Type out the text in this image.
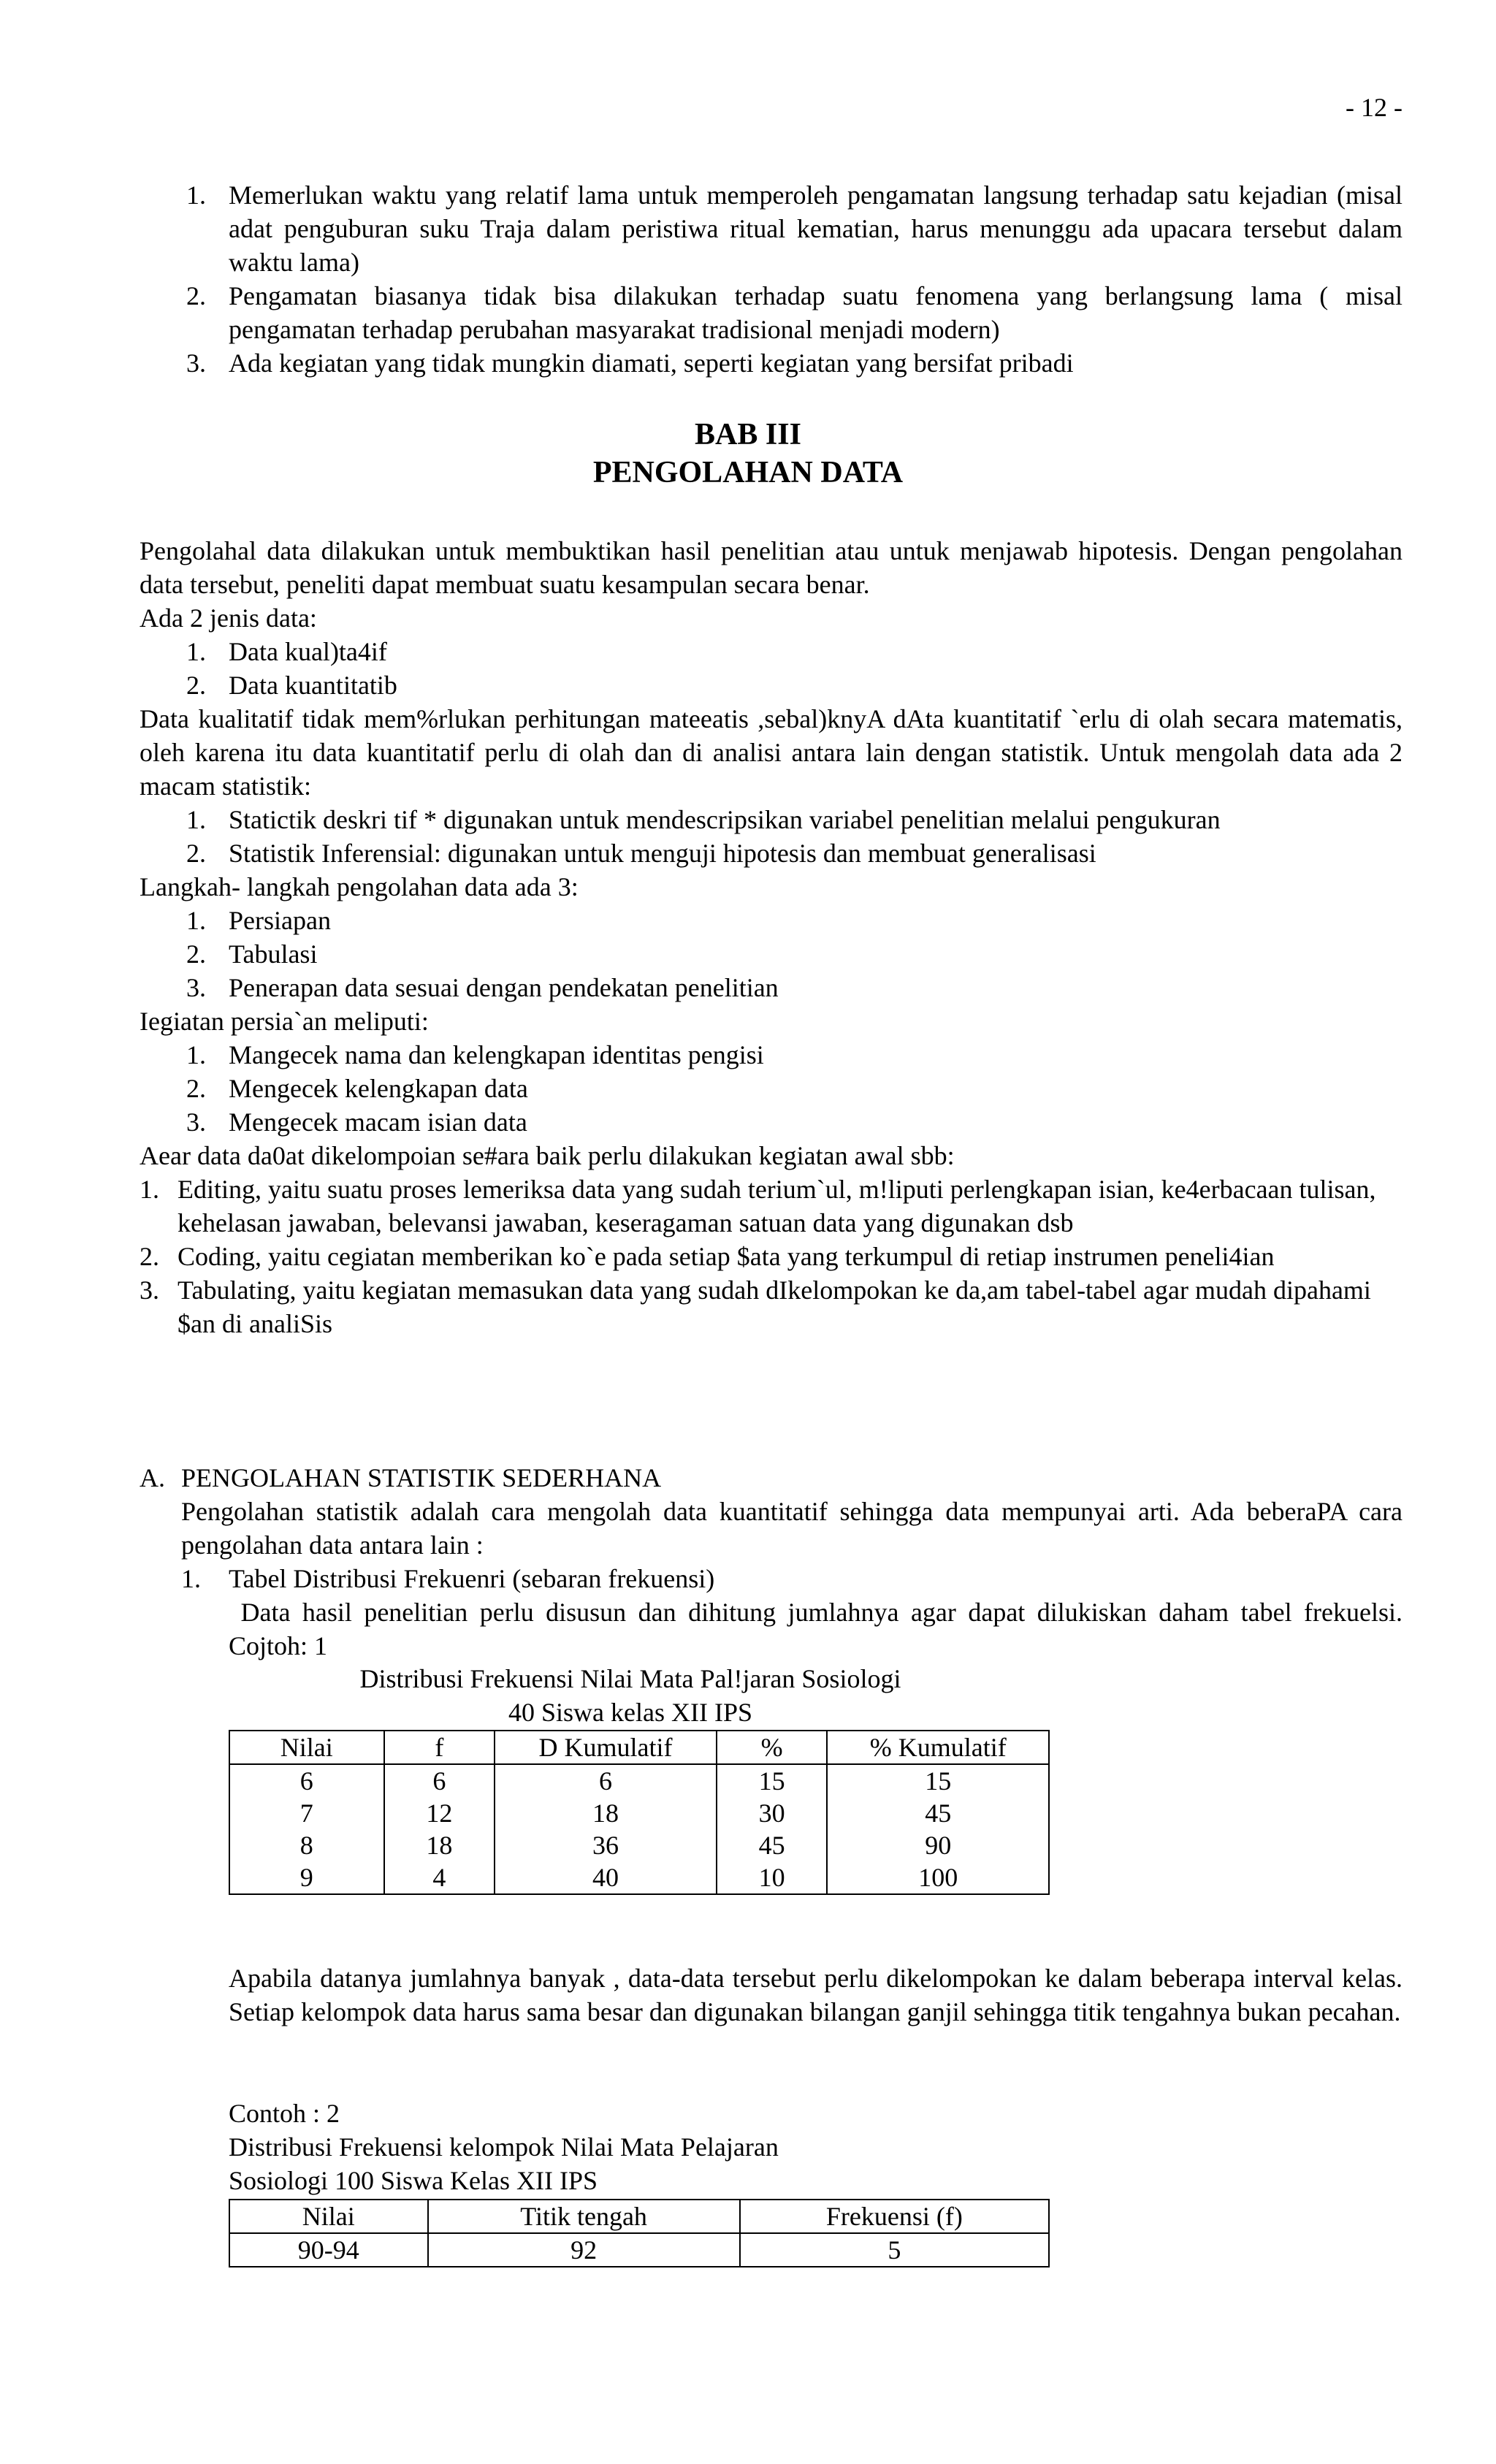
- 12 -
1. Memerlukan waktu yang relatif lama untuk memperoleh pengamatan langsung terhadap satu kejadian (misal adat penguburan suku Traja dalam peristiwa ritual kematian, harus menunggu ada upacara tersebut dalam waktu lama)
2. Pengamatan biasanya tidak bisa dilakukan terhadap suatu fenomena yang berlangsung lama ( misal pengamatan terhadap perubahan masyarakat tradisional menjadi modern)
3. Ada kegiatan yang tidak mungkin diamati, seperti kegiatan yang bersifat pribadi
BAB III
PENGOLAHAN DATA
Pengolahal data dilakukan untuk membuktikan hasil penelitian atau untuk menjawab hipotesis. Dengan pengolahan data tersebut, peneliti dapat membuat suatu kesampulan secara benar.
Ada 2 jenis data:
1. Data kual)ta4if
2. Data kuantitatib
Data kualitatif tidak mem%rlukan perhitungan mateeatis ,sebal)knyA dAta kuantitatif `erlu di olah secara matematis, oleh karena itu data kuantitatif perlu di olah dan di analisi antara lain dengan statistik. Untuk mengolah data ada 2 macam statistik:
1. Statictik deskri tif * digunakan untuk mendescripsikan variabel penelitian melalui pengukuran
2. Statistik Inferensial: digunakan untuk menguji hipotesis dan membuat generalisasi
Langkah- langkah pengolahan data ada 3:
1. Persiapan
2. Tabulasi
3. Penerapan data sesuai dengan pendekatan penelitian
Iegiatan persia`an meliputi:
1. Mangecek nama dan kelengkapan identitas pengisi
2. Mengecek kelengkapan data
3. Mengecek macam isian data
Aear data da0at dikelompoian se#ara baik perlu dilakukan kegiatan awal sbb:
1. Editing, yaitu suatu proses lemeriksa data yang sudah terium`ul, m!liputi perlengkapan isian, ke4erbacaan tulisan, kehelasan jawaban, belevansi jawaban, keseragaman satuan data yang digunakan dsb
2. Coding, yaitu cegiatan memberikan ko`e pada setiap $ata yang terkumpul di retiap instrumen peneli4ian
3. Tabulating, yaitu kegiatan memasukan data yang sudah dIkelompokan ke da,am tabel-tabel agar mudah dipahami $an di analiSis
A. PENGOLAHAN STATISTIK SEDERHANA
Pengolahan statistik adalah cara mengolah data kuantitatif sehingga data mempunyai arti. Ada beberaPA cara pengolahan data antara lain :
1. Tabel Distribusi Frekuenri (sebaran frekuensi)
Data hasil penelitian perlu disusun dan dihitung jumlahnya agar dapat dilukiskan daham tabel frekuelsi. Cojtoh: 1
Distribusi Frekuensi Nilai Mata Pal!jaran Sosiologi
40 Siswa kelas XII IPS
Nilai	f	D Kumulatif	%	% Kumulatif
6	6	6	15	15
7	12	18	30	45
8	18	36	45	90
9	4	40	10	100
Apabila datanya jumlahnya banyak , data-data tersebut perlu dikelompokan ke dalam beberapa interval kelas. Setiap kelompok data harus sama besar dan digunakan bilangan ganjil sehingga titik tengahnya bukan pecahan.
Contoh : 2
Distribusi Frekuensi kelompok Nilai Mata Pelajaran
Sosiologi 100 Siswa Kelas XII IPS
Nilai	Titik tengah	Frekuensi (f)
90-94	92	5
